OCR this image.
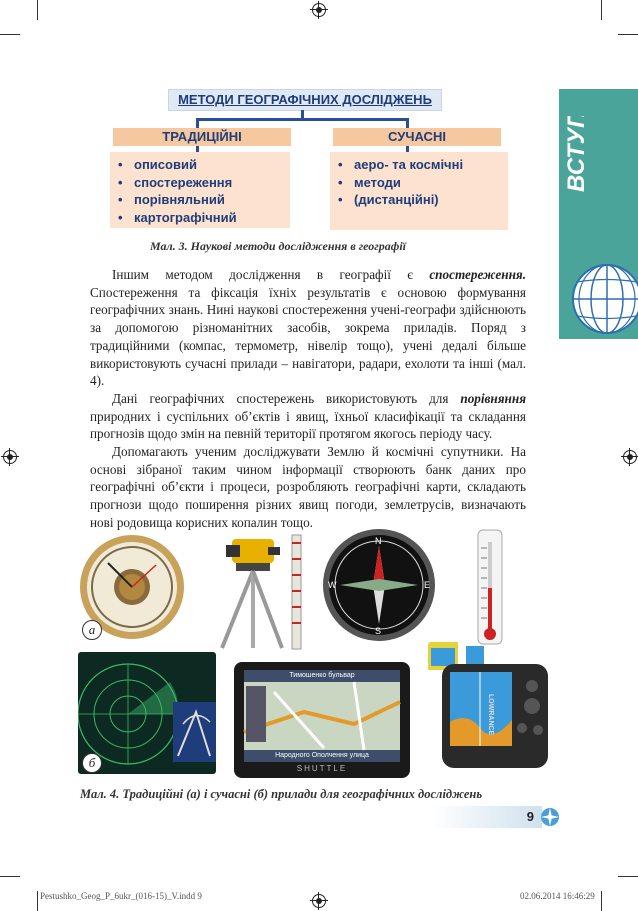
ВСТУП
МЕТОДИ ГЕОГРАФІЧНИХ ДОСЛІДЖЕНЬ
ТРАДИЦІЙНІ
• описовий
• спостереження
• порівняльний
• картографічний
СУЧАСНІ
• аеро- та космічні
• методи
• (дистанційні)
Мал. 3. Наукові методи дослідження в географії

Іншим методом дослідження в географії є спостереження. Спостереження та фіксація їхніх результатів є основою формування географічних знань. Нині наукові спостереження учені-географи здійснюють за допомогою різноманітних засобів, зокрема приладів. Поряд з традиційними (компас, термометр, нівелір тощо), учені дедалі більше використовують сучасні прилади – навігатори, радари, ехолоти та інші (мал. 4).

Дані географічних спостережень використовують для порівняння природних і суспільних об’єктів і явищ, їхньої класифікації та складання прогнозів щодо змін на певній території протягом якогось періоду часу.

Допомагають ученим досліджувати Землю й космічні супутники. На основі зібраної таким чином інформації створюють банк даних про географічні об’єкти і процеси, розробляють географічні карти, складають прогнози щодо поширення різних явищ погоди, землетрусів, визначають нові родовища корисних копалин тощо.

а
N
S
W	E
б
Тимошенко бульвар
Народного Ополчення улица
SHUTTLE
LOWRANCE
Мал. 4. Традиційні (а) і сучасні (б) прилади для географічних досліджень
9
Pestushko_Geog_P_6ukr_(016-15)_V.indd 9	02.06.2014 16:46:29
